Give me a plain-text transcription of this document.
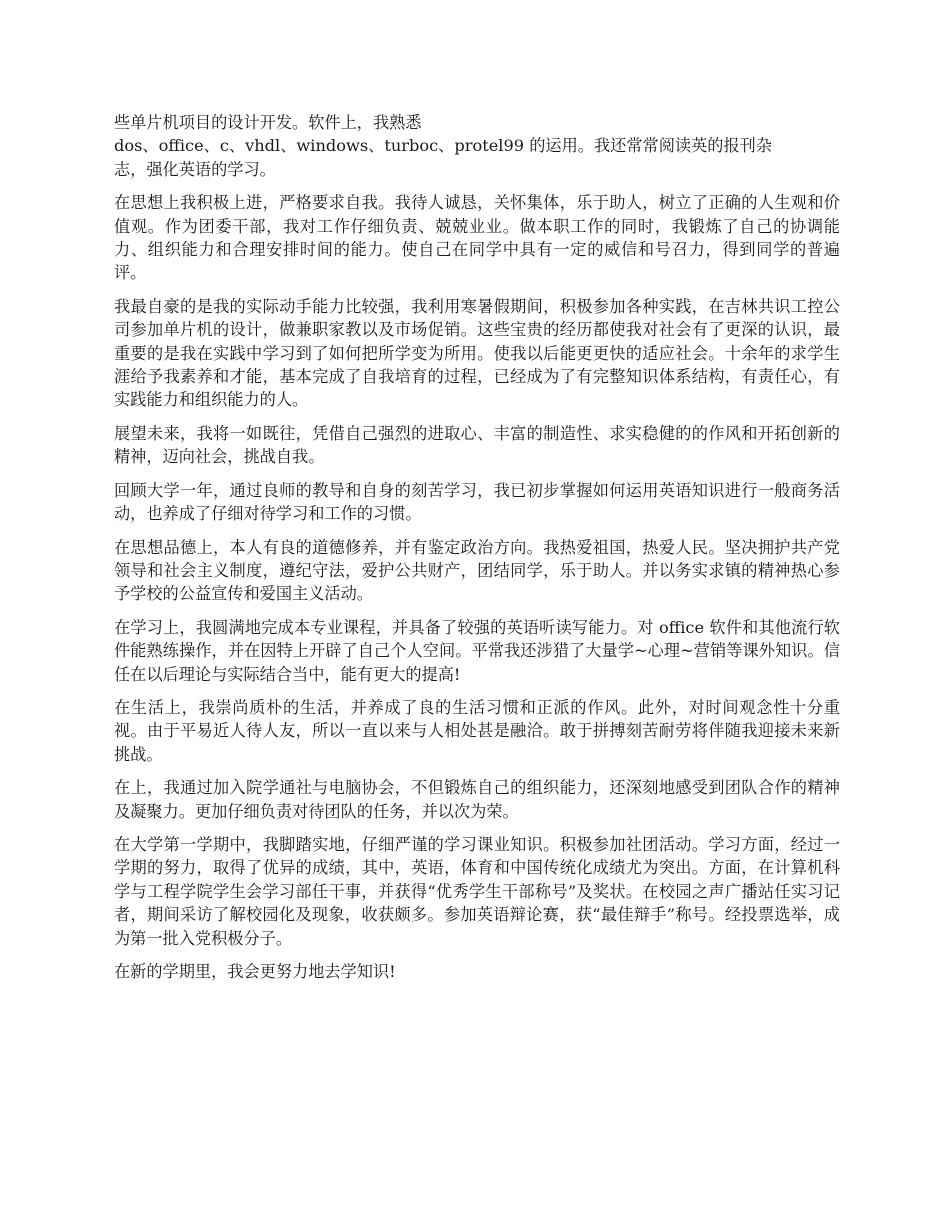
些单片机项目的设计开发。软件上，我熟悉
dos、office、c、vhdl、windows、turboc、protel99 的运用。我还常常阅读英的报刊杂
志，强化英语的学习。

在思想上我积极上进，严格要求自我。我待人诚恳，关怀集体，乐于助人，树立了正确的人生观和价值观。作为团委干部，我对工作仔细负责、兢兢业业。做本职工作的同时，我锻炼了自己的协调能力、组织能力和合理安排时间的能力。使自己在同学中具有一定的威信和号召力，得到同学的普遍评。

我最自豪的是我的实际动手能力比较强，我利用寒暑假期间，积极参加各种实践，在吉林共识工控公司参加单片机的设计，做兼职家教以及市场促销。这些宝贵的经历都使我对社会有了更深的认识，最重要的是我在实践中学习到了如何把所学变为所用。使我以后能更更快的适应社会。十余年的求学生涯给予我素养和才能，基本完成了自我培育的过程，已经成为了有完整知识体系结构，有责任心，有实践能力和组织能力的人。

展望未来，我将一如既往，凭借自己强烈的进取心、丰富的制造性、求实稳健的的作风和开拓创新的精神，迈向社会，挑战自我。

回顾大学一年，通过良师的教导和自身的刻苦学习，我已初步掌握如何运用英语知识进行一般商务活动，也养成了仔细对待学习和工作的习惯。

在思想品德上，本人有良的道德修养，并有鉴定政治方向。我热爱祖国，热爱人民。坚决拥护共产党领导和社会主义制度，遵纪守法，爱护公共财产，团结同学，乐于助人。并以务实求镇的精神热心参予学校的公益宣传和爱国主义活动。

在学习上，我圆满地完成本专业课程，并具备了较强的英语听读写能力。对 office 软件和其他流行软件能熟练操作，并在因特上开辟了自己个人空间。平常我还涉猎了大量学~心理~营销等课外知识。信任在以后理论与实际结合当中，能有更大的提高!

在生活上，我崇尚质朴的生活，并养成了良的生活习惯和正派的作风。此外，对时间观念性十分重视。由于平易近人待人友，所以一直以来与人相处甚是融洽。敢于拼搏刻苦耐劳将伴随我迎接未来新挑战。

在上，我通过加入院学通社与电脑协会，不但锻炼自己的组织能力，还深刻地感受到团队合作的精神及凝聚力。更加仔细负责对待团队的任务，并以次为荣。

在大学第一学期中，我脚踏实地，仔细严谨的学习课业知识。积极参加社团活动。学习方面，经过一学期的努力，取得了优异的成绩，其中，英语，体育和中国传统化成绩尤为突出。方面，在计算机科学与工程学院学生会学习部任干事，并获得“优秀学生干部称号”及奖状。在校园之声广播站任实习记者，期间采访了解校园化及现象，收获颇多。参加英语辩论赛，获“最佳辩手”称号。经投票选举，成为第一批入党积极分子。

在新的学期里，我会更努力地去学知识!
